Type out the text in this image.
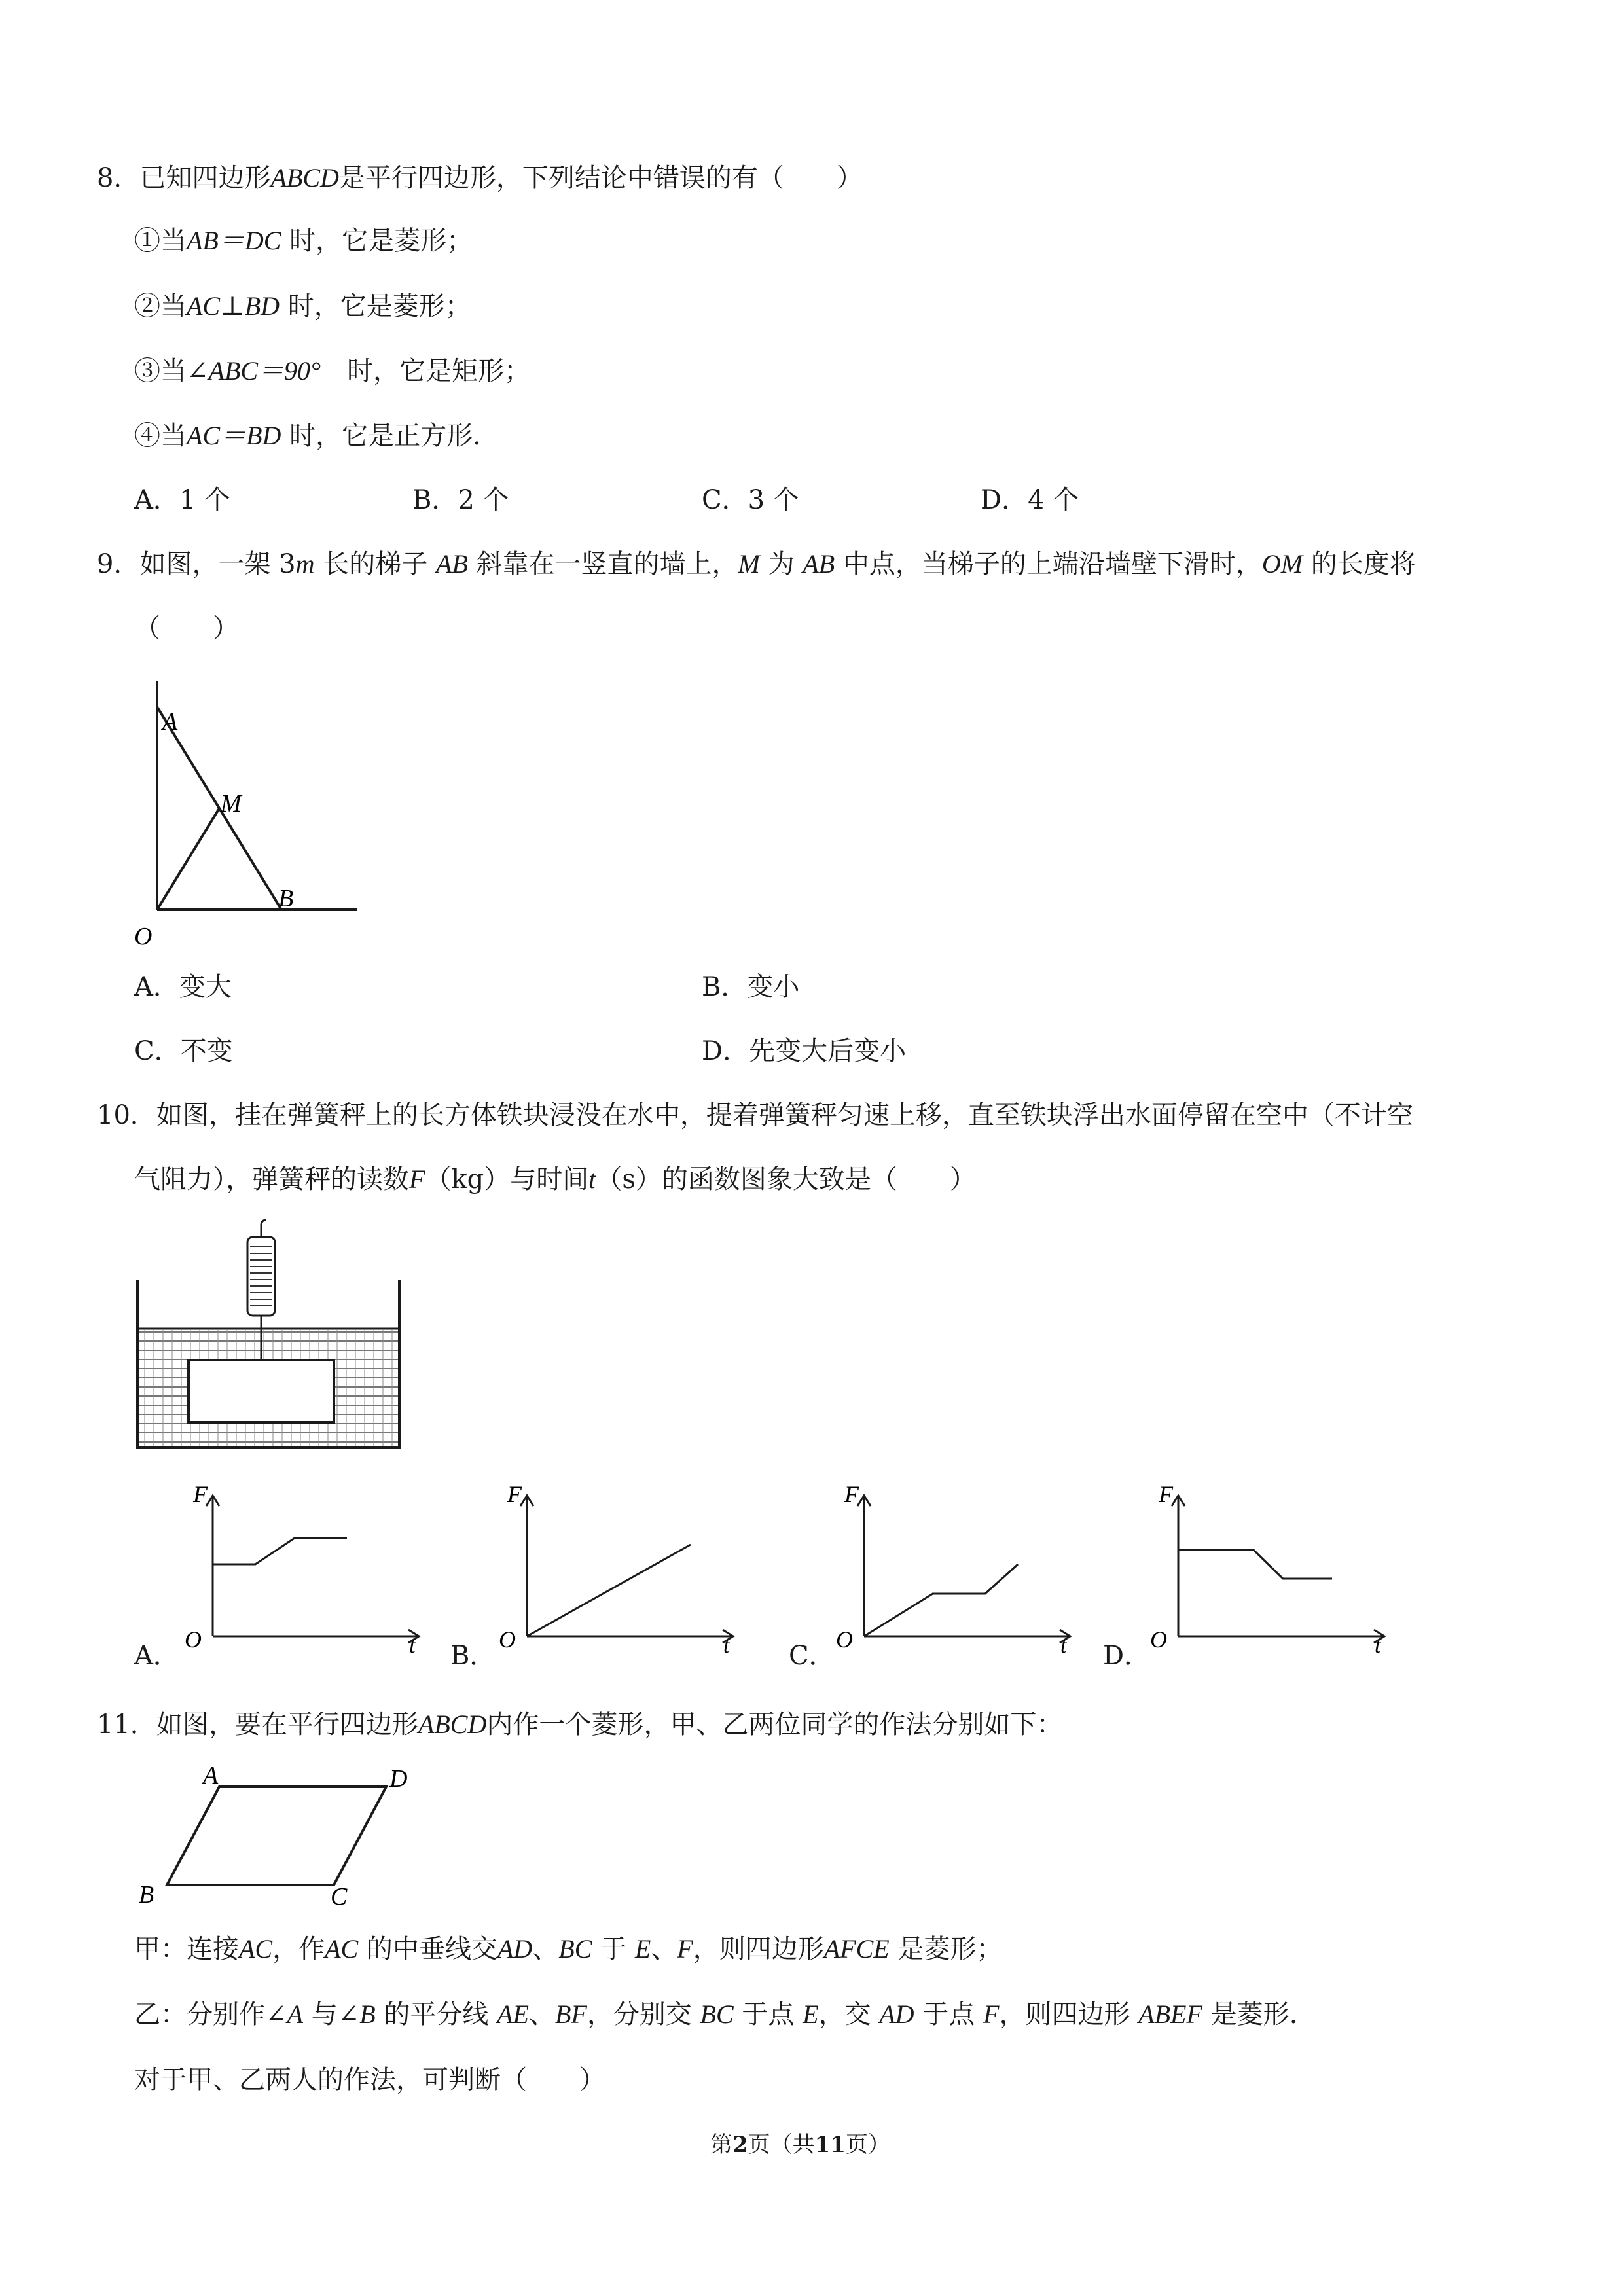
8．已知四边形ABCD是平行四边形，下列结论中错误的有（　　）
①当AB＝DC 时，它是菱形；
②当AC⊥BD 时，它是菱形；
③当∠ABC＝90°　 时，它是矩形；
④当AC＝BD 时，它是正方形.
A．1 个	B．2 个	C．3 个	D．4 个
9．如图，一架 3m 长的梯子 AB 斜靠在一竖直的墙上，M 为 AB 中点，当梯子的上端沿墙壁下滑时，OM 的长度将
（　　）
A
M
B
O
A．变大	B．变小
C．不变	D．先变大后变小
10．如图，挂在弹簧秤上的长方体铁块浸没在水中，提着弹簧秤匀速上移，直至铁块浮出水面停留在空中（不计空
气阻力），弹簧秤的读数F（kg）与时间t（s）的函数图象大致是（　　）
F
O	t
A．
F
O	t
B．
F
O	t
C．
F
O	t
D．
11．如图，要在平行四边形ABCD内作一个菱形，甲、乙两位同学的作法分别如下：
A	D
B	C
甲：连接AC，作AC 的中垂线交AD、BC 于 E、F，则四边形AFCE 是菱形；
乙：分别作∠A 与∠B 的平分线 AE、BF，分别交 BC 于点 E，交 AD 于点 F，则四边形 ABEF 是菱形.
对于甲、乙两人的作法，可判断（　　）
第2页（共11页）
